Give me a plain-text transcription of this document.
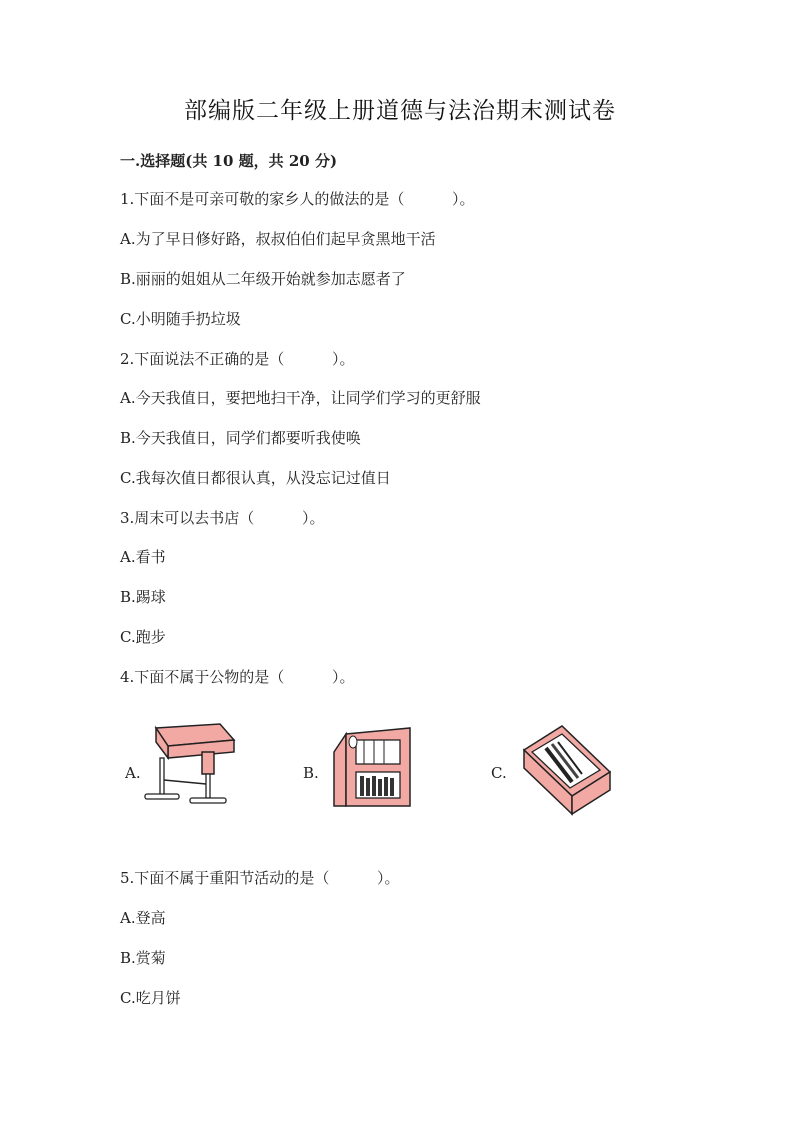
部编版二年级上册道德与法治期末测试卷
一.选择题(共 10 题，共 20 分)
1.下面不是可亲可敬的家乡人的做法的是（          ）。
A.为了早日修好路，叔叔伯伯们起早贪黑地干活
B.丽丽的姐姐从二年级开始就参加志愿者了
C.小明随手扔垃圾
2.下面说法不正确的是（          ）。
A.今天我值日，要把地扫干净，让同学们学习的更舒服
B.今天我值日，同学们都要听我使唤
C.我每次值日都很认真，从没忘记过值日
3.周末可以去书店（          ）。
A.看书
B.踢球
C.跑步
4.下面不属于公物的是（          ）。
A.	B.	C.
5.下面不属于重阳节活动的是（          ）。
A.登高
B.赏菊
C.吃月饼
